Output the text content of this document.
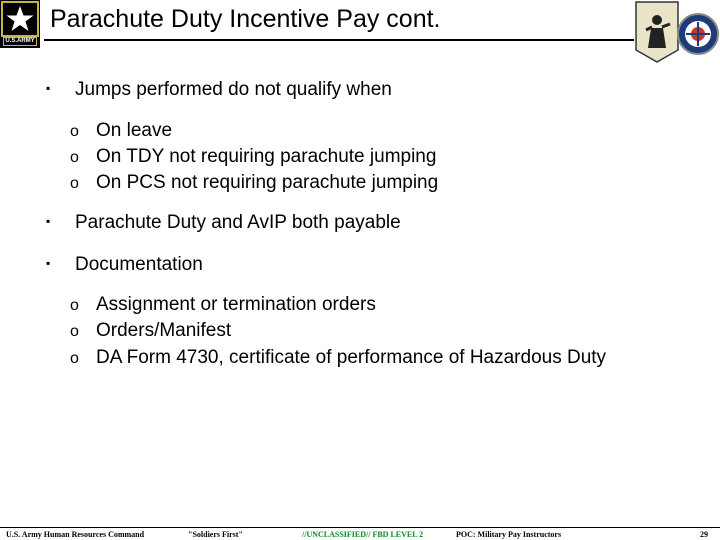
U.S.ARMY
Parachute Duty Incentive Pay cont.
▪ Jumps performed do not qualify when
o On leave
o On TDY not requiring parachute jumping
o On PCS not requiring parachute jumping
▪ Parachute Duty and AvIP both payable
▪ Documentation
o Assignment or termination orders
o Orders/Manifest
o DA Form 4730, certificate of performance of Hazardous Duty
U.S. Army Human Resources Command	"Soldiers First"	//UNCLASSIFIED// FBD LEVEL 2	POC: Military Pay Instructors	29
